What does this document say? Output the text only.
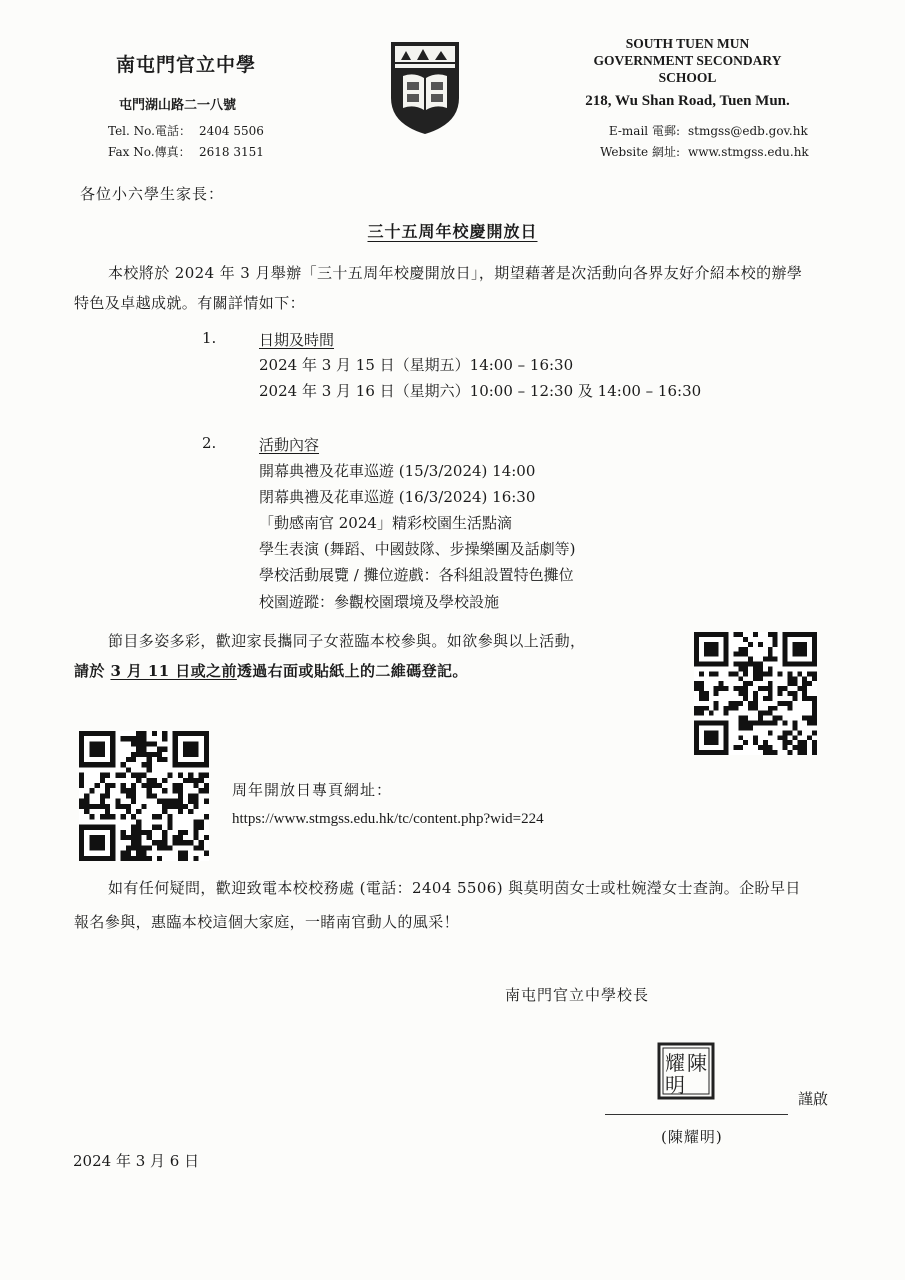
南屯門官立中學
屯門湖山路二一八號
Tel. No.電話： 2404 5506
Fax No.傳真： 2618 3151
SOUTH TUEN MUN
GOVERNMENT SECONDARY
SCHOOL
218, Wu Shan Road, Tuen Mun.
E-mail 電郵: stmgss@edb.gov.hk
Website 網址: www.stmgss.edu.hk
各位小六學生家長：
三十五周年校慶開放日
本校將於 2024 年 3 月舉辦「三十五周年校慶開放日」，期望藉著是次活動向各界友好介紹本校的辦學特色及卓越成就。有關詳情如下：
1.	日期及時間
2024 年 3 月 15 日（星期五）14:00 – 16:30
2024 年 3 月 16 日（星期六）10:00 – 12:30 及 14:00 – 16:30
2.	活動內容
開幕典禮及花車巡遊 (15/3/2024) 14:00
閉幕典禮及花車巡遊 (16/3/2024) 16:30
「動感南官 2024」精彩校園生活點滴
學生表演 (舞蹈、中國鼓隊、步操樂團及話劇等)
學校活動展覽 / 攤位遊戲：各科組設置特色攤位
校園遊蹤：參觀校園環境及學校設施
節目多姿多彩，歡迎家長攜同子女蒞臨本校參與。如欲參與以上活動，
請於 3 月 11 日或之前透過右面或貼紙上的二維碼登記。
周年開放日專頁網址：
https://www.stmgss.edu.hk/tc/content.php?wid=224
如有任何疑問，歡迎致電本校校務處 (電話：2404 5506) 與莫明茵女士或杜婉瀅女士查詢。企盼早日報名參與，惠臨本校這個大家庭，一睹南官動人的風采！
南屯門官立中學校長
陳
耀
明
謹啟
(陳耀明)
2024 年 3 月 6 日
